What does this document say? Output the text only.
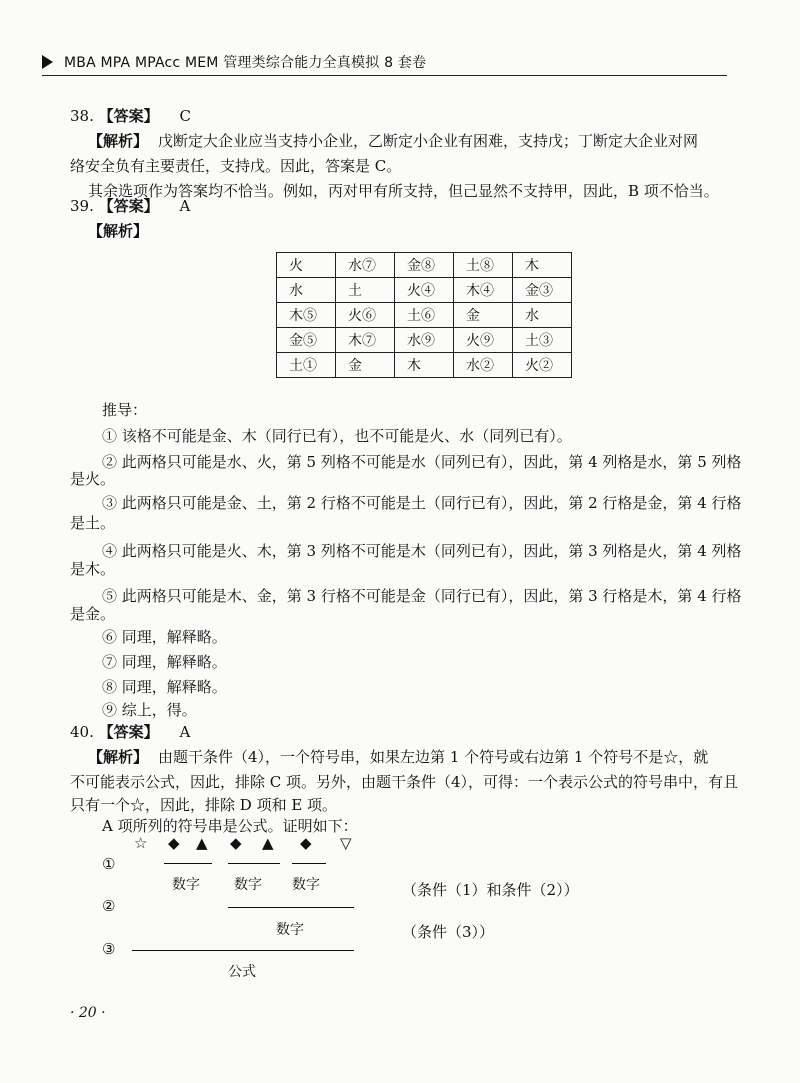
MBA MPA MPAcc MEM 管理类综合能力全真模拟 8 套卷
38. 【答案】 C
【解析】 戊断定大企业应当支持小企业，乙断定小企业有困难，支持戊；丁断定大企业对网
络安全负有主要责任，支持戊。因此，答案是 C。
其余选项作为答案均不恰当。例如，丙对甲有所支持，但己显然不支持甲，因此，B 项不恰当。
39. 【答案】 A
【解析】
火	水⑦	金⑧	土⑧	木
水	土	火④	木④	金③
木⑤	火⑥	土⑥	金	水
金⑤	木⑦	水⑨	火⑨	土③
土①	金	木	水②	火②
推导：
① 该格不可能是金、木（同行已有），也不可能是火、水（同列已有）。
② 此两格只可能是水、火，第 5 列格不可能是水（同列已有），因此，第 4 列格是水，第 5 列格
是火。
③ 此两格只可能是金、土，第 2 行格不可能是土（同行已有），因此，第 2 行格是金，第 4 行格
是土。
④ 此两格只可能是火、木，第 3 列格不可能是木（同列已有），因此，第 3 列格是火，第 4 列格
是木。
⑤ 此两格只可能是木、金，第 3 行格不可能是金（同行已有），因此，第 3 行格是木，第 4 行格
是金。
⑥ 同理，解释略。
⑦ 同理，解释略。
⑧ 同理，解释略。
⑨ 综上，得。
40. 【答案】 A
【解析】 由题干条件（4），一个符号串，如果左边第 1 个符号或右边第 1 个符号不是☆，就
不可能表示公式，因此，排除 C 项。另外，由题干条件（4），可得：一个表示公式的符号串中，有且
只有一个☆，因此，排除 D 项和 E 项。
A 项所列的符号串是公式。证明如下：
☆ ◆ ▲ ◆ ▲ ◆ ▽
①
数字 数字 数字	（条件（1）和条件（2））
②
数字	（条件（3））
③
公式
· 20 ·
